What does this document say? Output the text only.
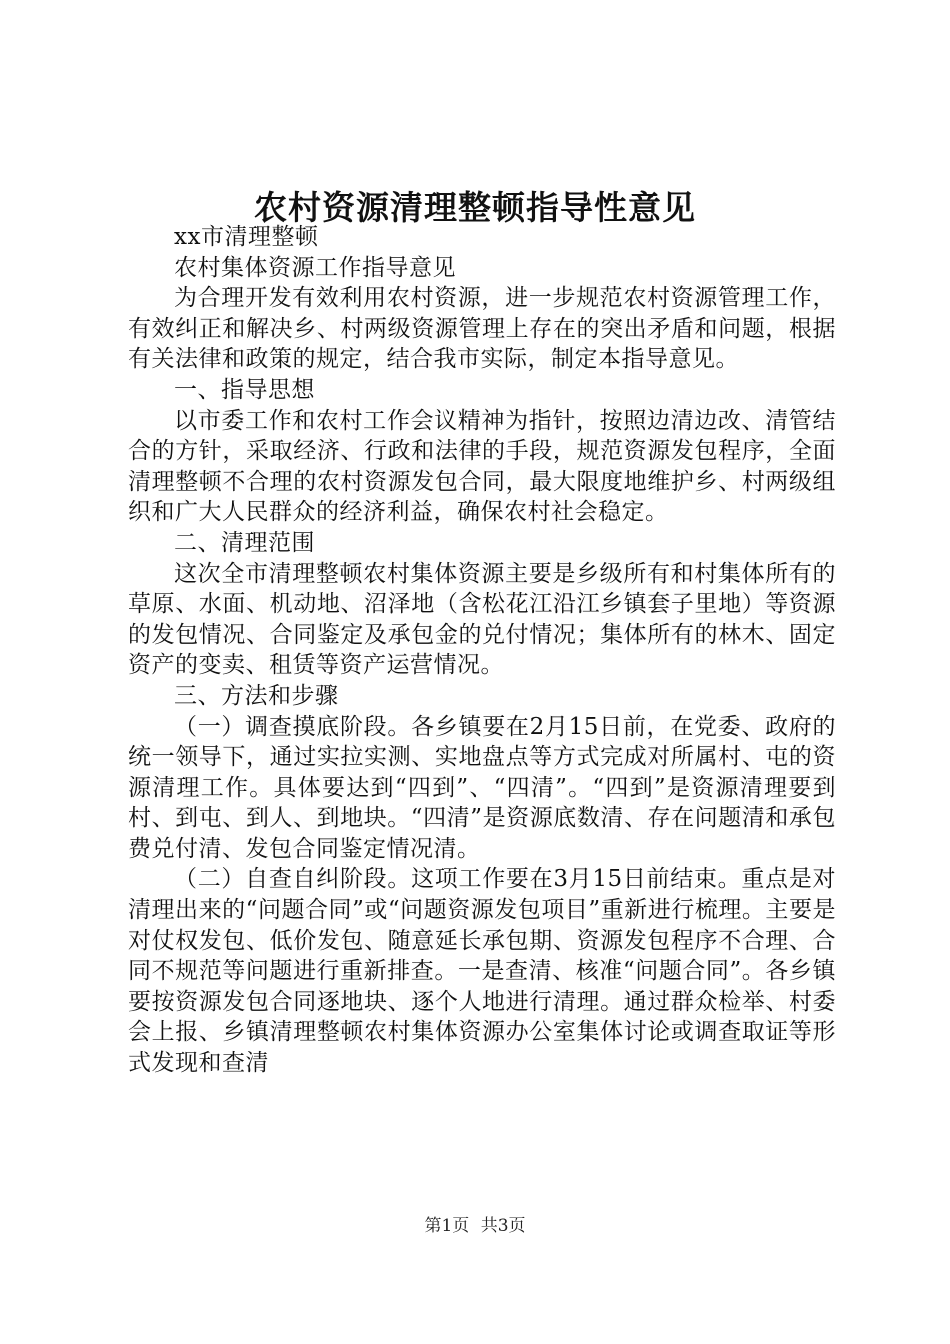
农村资源清理整顿指导性意见

xx市清理整顿

农村集体资源工作指导意见

为合理开发有效利用农村资源，进一步规范农村资源管理工作，有效纠正和解决乡、村两级资源管理上存在的突出矛盾和问题，根据有关法律和政策的规定，结合我市实际，制定本指导意见。

一、指导思想

以市委工作和农村工作会议精神为指针，按照边清边改、清管结合的方针，采取经济、行政和法律的手段，规范资源发包程序，全面清理整顿不合理的农村资源发包合同，最大限度地维护乡、村两级组织和广大人民群众的经济利益，确保农村社会稳定。

二、清理范围

这次全市清理整顿农村集体资源主要是乡级所有和村集体所有的草原、水面、机动地、沼泽地（含松花江沿江乡镇套子里地）等资源的发包情况、合同鉴定及承包金的兑付情况；集体所有的林木、固定资产的变卖、租赁等资产运营情况。

三、方法和步骤

（一）调查摸底阶段。各乡镇要在2月15日前，在党委、政府的统一领导下，通过实拉实测、实地盘点等方式完成对所属村、屯的资源清理工作。具体要达到“四到”、“四清”。“四到”是资源清理要到村、到屯、到人、到地块。“四清”是资源底数清、存在问题清和承包费兑付清、发包合同鉴定情况清。

（二）自查自纠阶段。这项工作要在3月15日前结束。重点是对清理出来的“问题合同”或“问题资源发包项目”重新进行梳理。主要是对仗权发包、低价发包、随意延长承包期、资源发包程序不合理、合同不规范等问题进行重新排查。一是查清、核准“问题合同”。各乡镇要按资源发包合同逐地块、逐个人地进行清理。通过群众检举、村委会上报、乡镇清理整顿农村集体资源办公室集体讨论或调查取证等形式发现和查清

第1页 共3页
